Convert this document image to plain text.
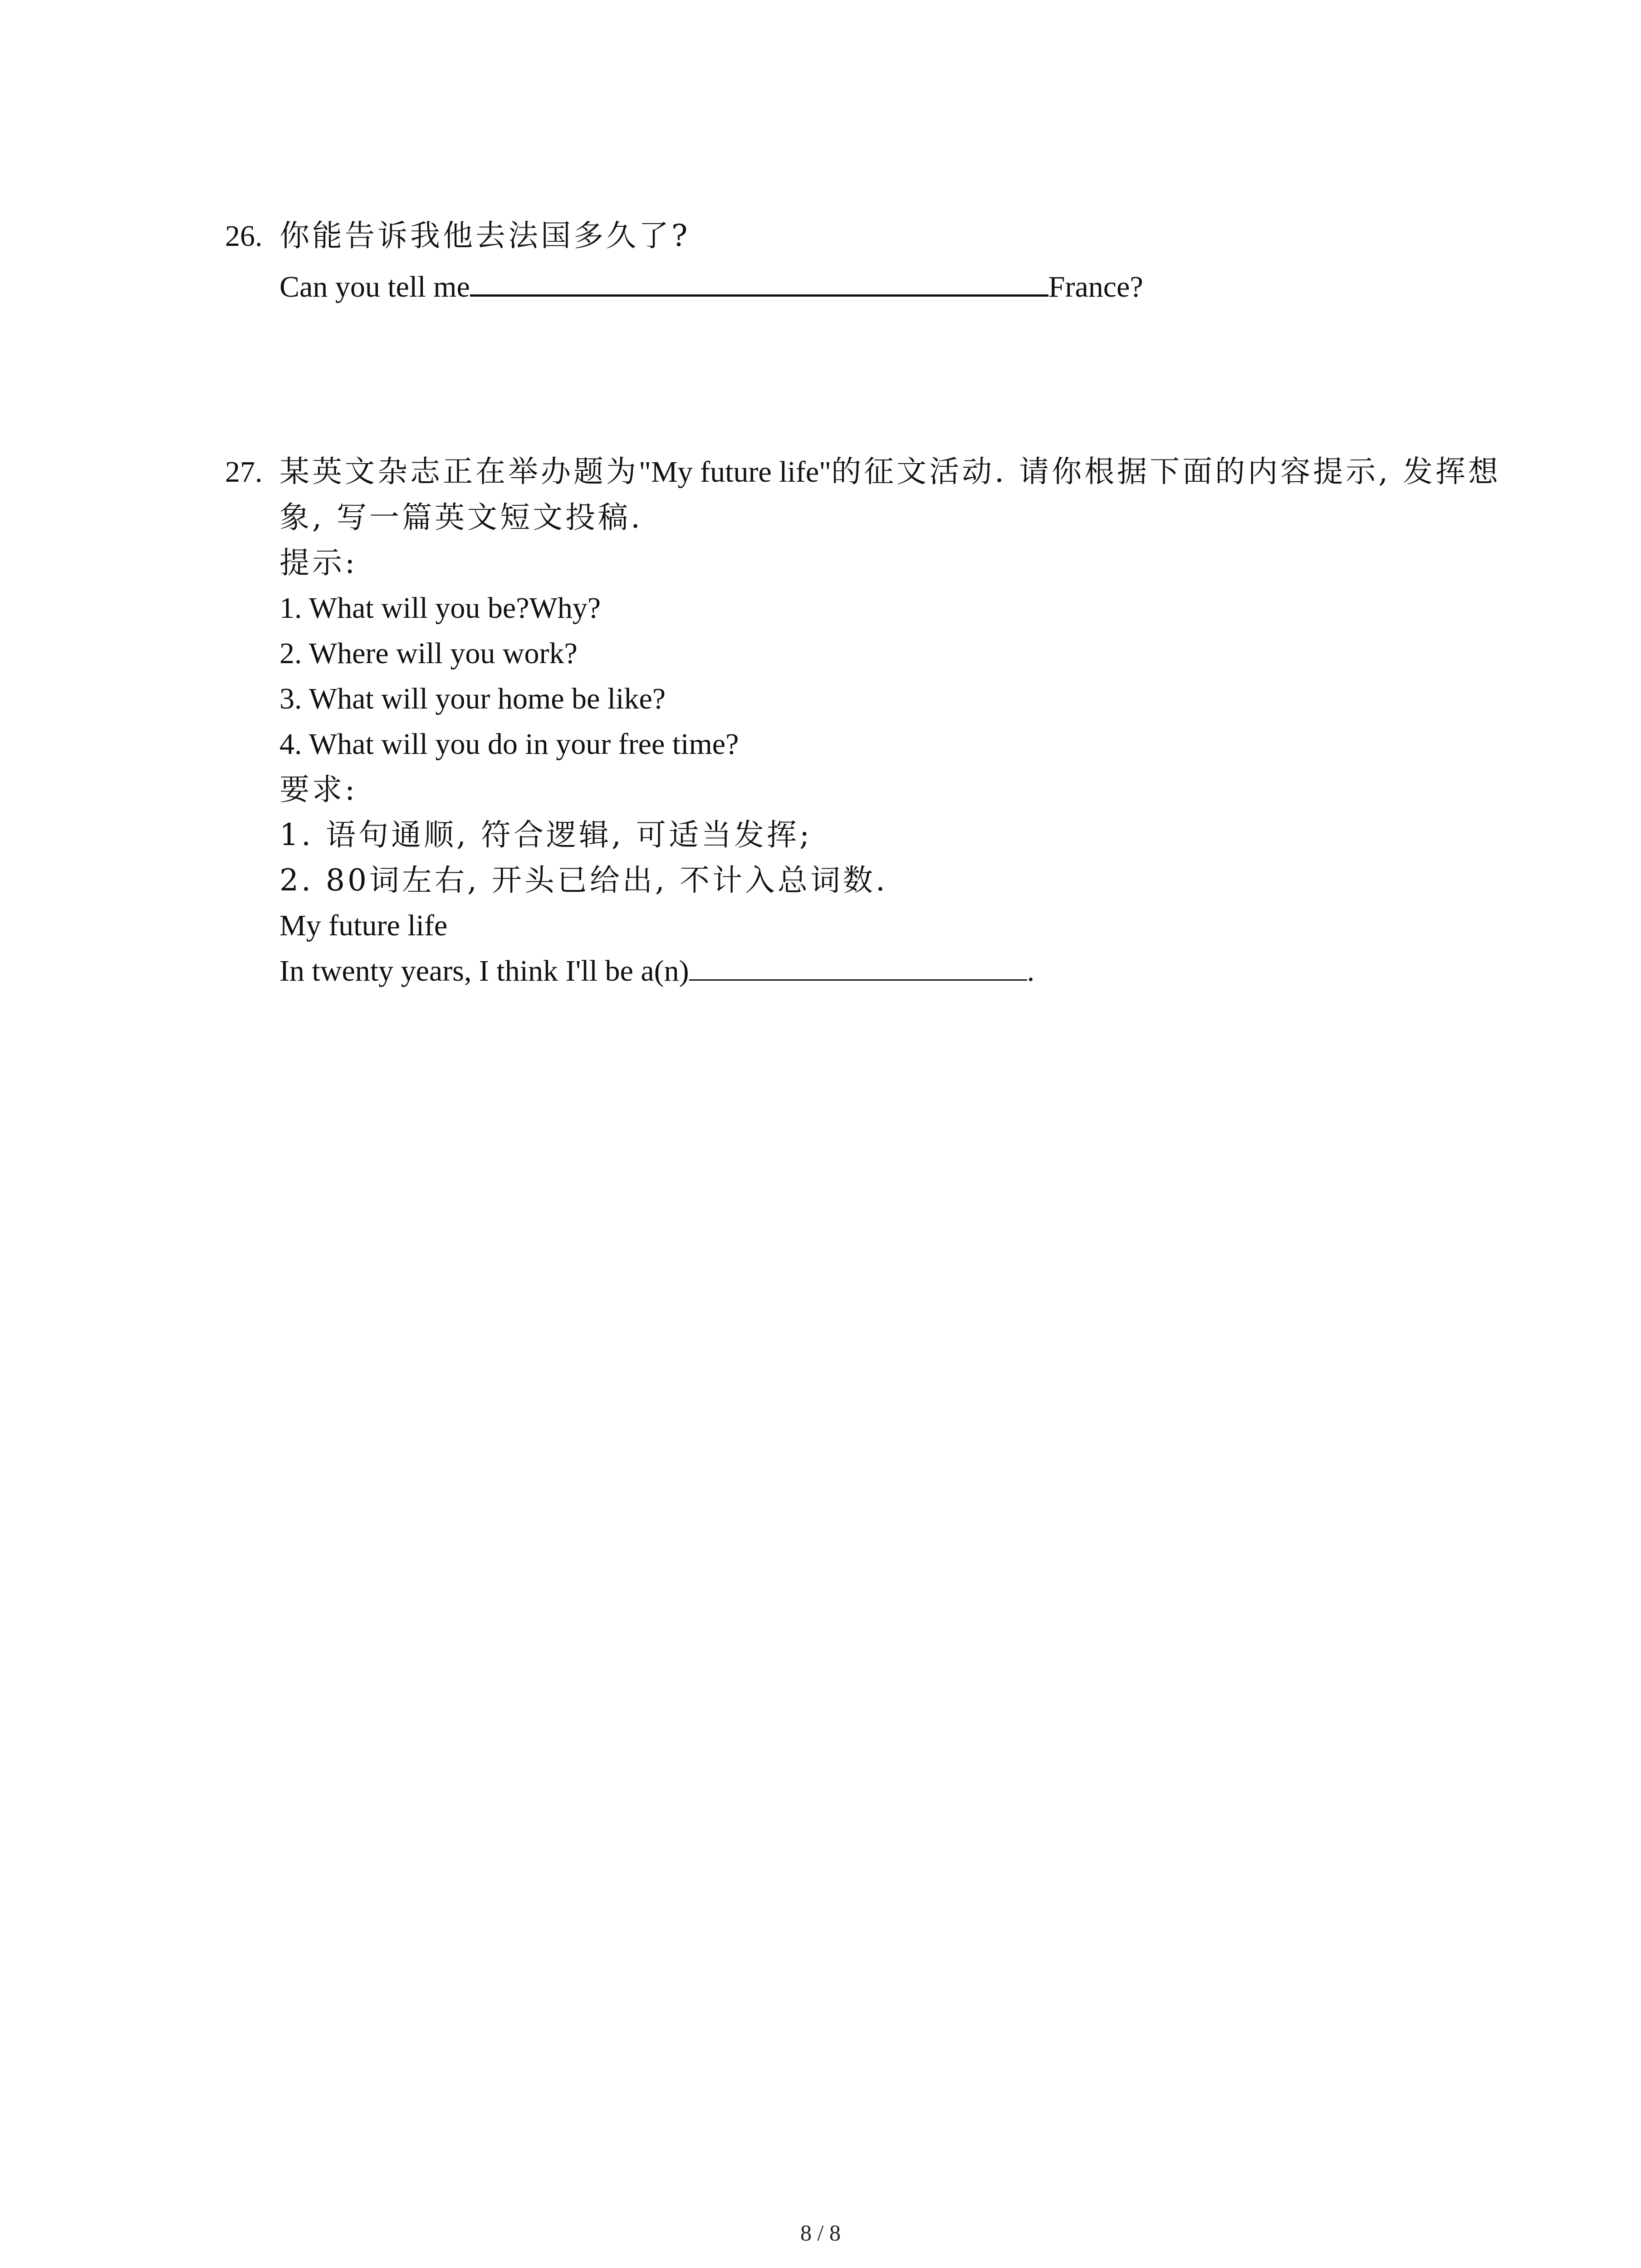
26. 你能告诉我他去法国多久了?
Can you tell me	France?
27. 某英文杂志正在举办题为"My future life"的征文活动. 请你根据下面的内容提示, 发挥想
象, 写一篇英文短文投稿.
提示:
1. What will you be?Why?
2. Where will you work?
3. What will your home be like?
4. What will you do in your free time?
要求:
1. 语句通顺, 符合逻辑, 可适当发挥;
2. 80词左右, 开头已给出, 不计入总词数.
My future life
In twenty years, I think I'll be a(n)	.
8 / 8
